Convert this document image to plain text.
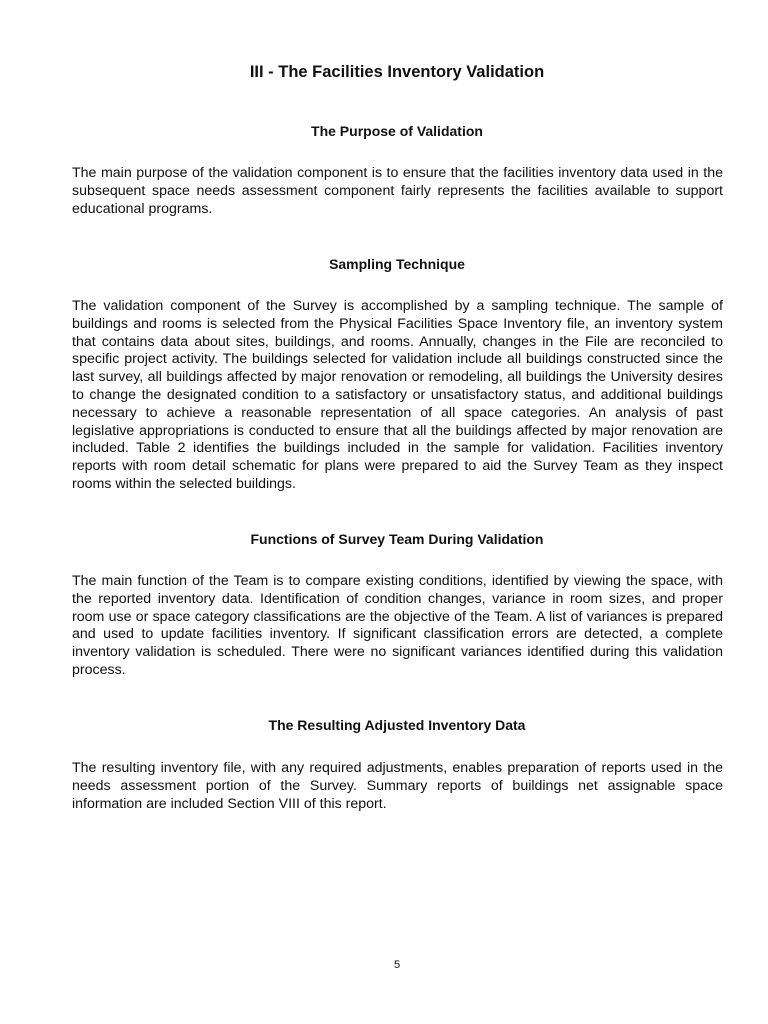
III - The Facilities Inventory Validation
The Purpose of Validation

The main purpose of the validation component is to ensure that the facilities inventory data used in the subsequent space needs assessment component fairly represents the facilities available to support educational programs.

Sampling Technique

The validation component of the Survey is accomplished by a sampling technique. The sample of buildings and rooms is selected from the Physical Facilities Space Inventory file, an inventory system that contains data about sites, buildings, and rooms. Annually, changes in the File are reconciled to specific project activity. The buildings selected for validation include all buildings constructed since the last survey, all buildings affected by major renovation or remodeling, all buildings the University desires to change the designated condition to a satisfactory or unsatisfactory status, and additional buildings necessary to achieve a reasonable representation of all space categories. An analysis of past legislative appropriations is conducted to ensure that all the buildings affected by major renovation are included. Table 2 identifies the buildings included in the sample for validation. Facilities inventory reports with room detail schematic for plans were prepared to aid the Survey Team as they inspect rooms within the selected buildings.

Functions of Survey Team During Validation

The main function of the Team is to compare existing conditions, identified by viewing the space, with the reported inventory data. Identification of condition changes, variance in room sizes, and proper room use or space category classifications are the objective of the Team. A list of variances is prepared and used to update facilities inventory. If significant classification errors are detected, a complete inventory validation is scheduled. There were no significant variances identified during this validation process.

The Resulting Adjusted Inventory Data

The resulting inventory file, with any required adjustments, enables preparation of reports used in the needs assessment portion of the Survey. Summary reports of buildings net assignable space information are included Section VIII of this report.

5
